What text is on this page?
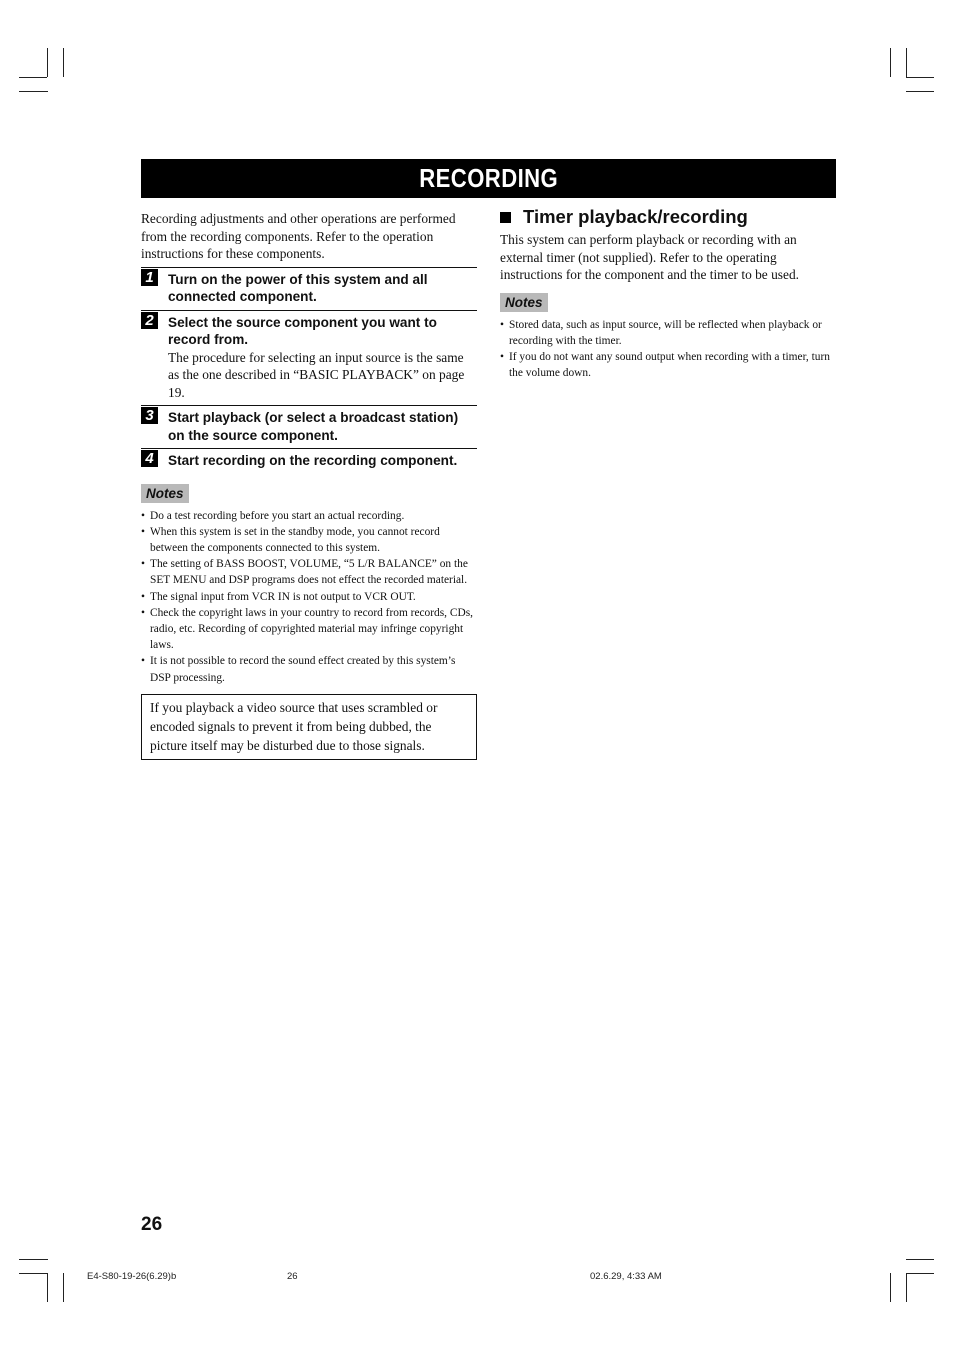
RECORDING

Recording adjustments and other operations are performed from the recording components. Refer to the operation instructions for these components.

1	Turn on the power of this system and all connected component.

2	Select the source component you want to record from.

The procedure for selecting an input source is the same as the one described in “BASIC PLAYBACK” on page 19.

3	Start playback (or select a broadcast station) on the source component.

4	Start recording on the recording component.

Notes
• Do a test recording before you start an actual recording.
• When this system is set in the standby mode, you cannot record between the components connected to this system.
• The setting of BASS BOOST, VOLUME, “5 L/R BALANCE” on the SET MENU and DSP programs does not effect the recorded material.
• The signal input from VCR IN is not output to VCR OUT.
• Check the copyright laws in your country to record from records, CDs, radio, etc. Recording of copyrighted material may infringe copyright laws.
• It is not possible to record the sound effect created by this system’s DSP processing.
If you playback a video source that uses scrambled or encoded signals to prevent it from being dubbed, the picture itself may be disturbed due to those signals.
Timer playback/recording

This system can perform playback or recording with an external timer (not supplied). Refer to the operating instructions for the component and the timer to be used.

Notes
• Stored data, such as input source, will be reflected when playback or recording with the timer.
• If you do not want any sound output when recording with a timer, turn the volume down.
26
E4-S80-19-26(6.29)b	26	02.6.29, 4:33 AM
